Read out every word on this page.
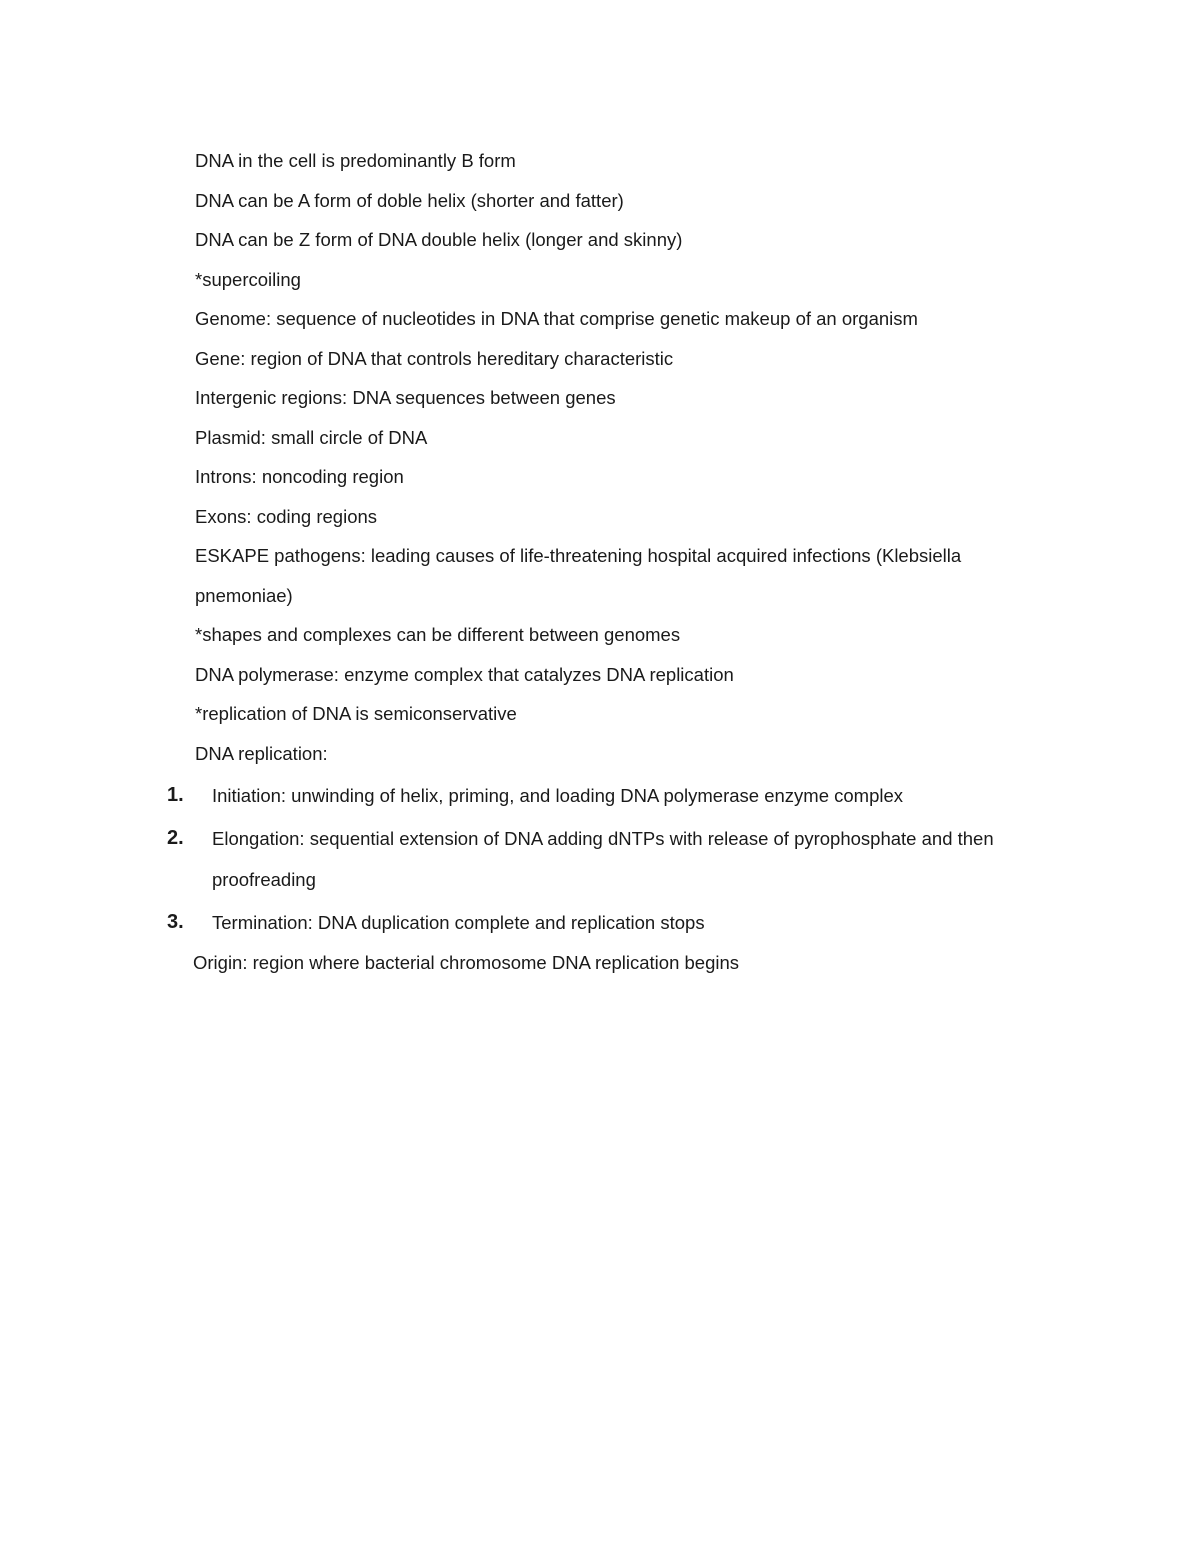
DNA in the cell is predominantly B form

DNA can be A form of doble helix (shorter and fatter)

DNA can be Z form of DNA double helix (longer and skinny)

*supercoiling

Genome: sequence of nucleotides in DNA that comprise genetic makeup of an organism

Gene: region of DNA that controls hereditary characteristic

Intergenic regions: DNA sequences between genes

Plasmid: small circle of DNA

Introns: noncoding region

Exons: coding regions

ESKAPE pathogens: leading causes of life-threatening hospital acquired infections (Klebsiella pnemoniae)

*shapes and complexes can be different between genomes

DNA polymerase: enzyme complex that catalyzes DNA replication

*replication of DNA is semiconservative

DNA replication:

1.	Initiation: unwinding of helix, priming, and loading DNA polymerase enzyme complex
2.	Elongation: sequential extension of DNA adding dNTPs with release of pyrophosphate and then proofreading
3.	Termination: DNA duplication complete and replication stops

Origin: region where bacterial chromosome DNA replication begins
